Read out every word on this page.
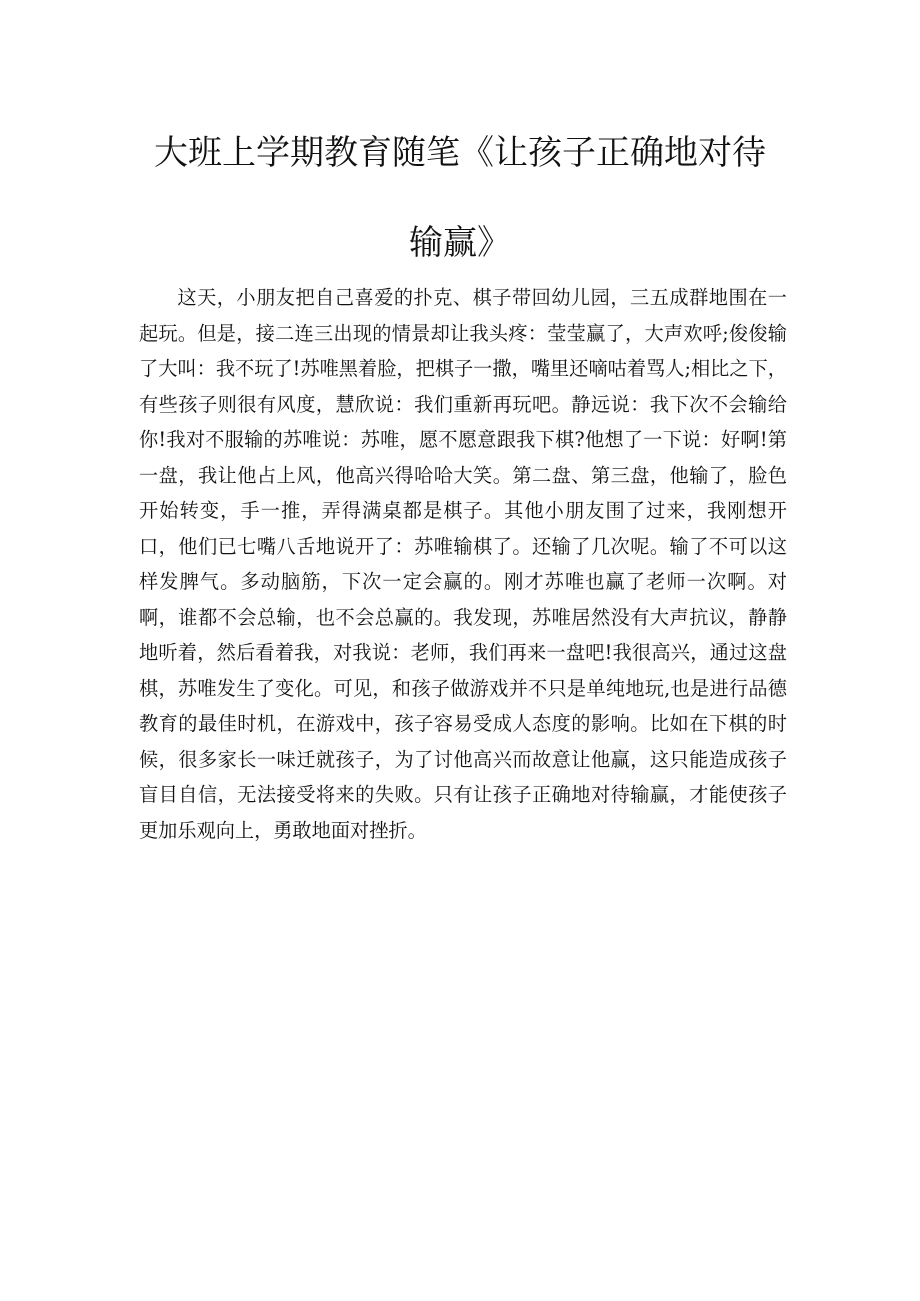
大班上学期教育随笔《让孩子正确地对待输赢》

这天，小朋友把自己喜爱的扑克、棋子带回幼儿园，三五成群地围在一起玩。但是，接二连三出现的情景却让我头疼：莹莹赢了，大声欢呼;俊俊输了大叫：我不玩了!苏唯黑着脸，把棋子一撒，嘴里还嘀咕着骂人;相比之下，有些孩子则很有风度，慧欣说：我们重新再玩吧。静远说：我下次不会输给你!我对不服输的苏唯说：苏唯，愿不愿意跟我下棋?他想了一下说：好啊!第一盘，我让他占上风，他高兴得哈哈大笑。第二盘、第三盘，他输了，脸色开始转变，手一推，弄得满桌都是棋子。其他小朋友围了过来，我刚想开口，他们已七嘴八舌地说开了：苏唯输棋了。还输了几次呢。输了不可以这样发脾气。多动脑筋，下次一定会赢的。刚才苏唯也赢了老师一次啊。对啊，谁都不会总输，也不会总赢的。我发现，苏唯居然没有大声抗议，静静地听着，然后看着我，对我说：老师，我们再来一盘吧!我很高兴，通过这盘棋，苏唯发生了变化。可见，和孩子做游戏并不只是单纯地玩,也是进行品德教育的最佳时机，在游戏中，孩子容易受成人态度的影响。比如在下棋的时候，很多家长一味迁就孩子，为了讨他高兴而故意让他赢，这只能造成孩子盲目自信，无法接受将来的失败。只有让孩子正确地对待输赢，才能使孩子更加乐观向上，勇敢地面对挫折。
